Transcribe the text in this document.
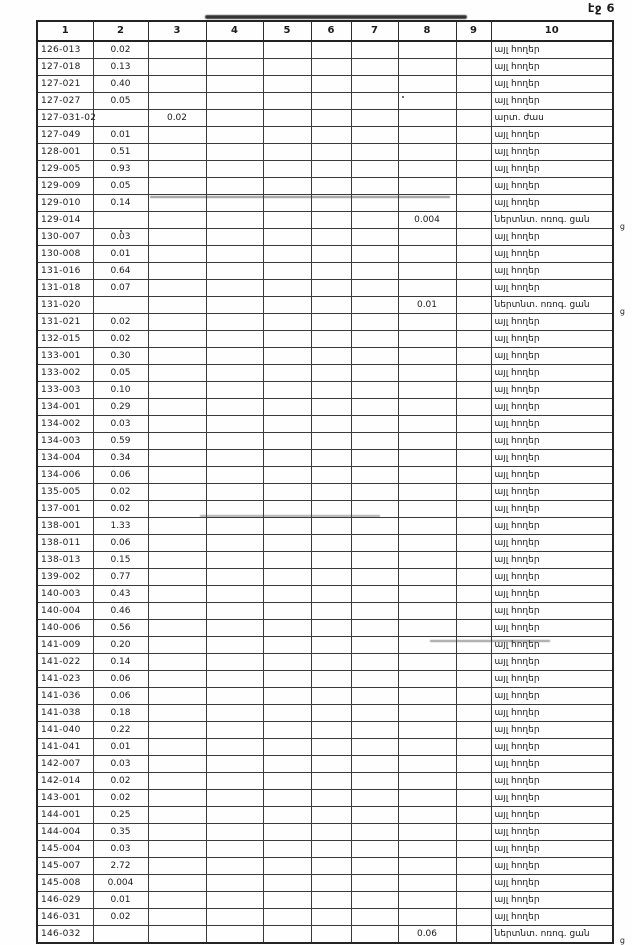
էջ 6
1	2	3	4	5	6	7	8	9	10
126-013	0.02								այլ հողեր
127-018	0.13								այլ հողեր
127-021	0.40								այլ հողեր
127-027	0.05								այլ հողեր
127-031-02		0.02							արտ. ժաս
127-049	0.01								այլ հողեր
128-001	0.51								այլ հողեր
129-005	0.93								այլ հողեր
129-009	0.05								այլ հողեր
129-010	0.14								այլ հողեր
129-014							0.004		ներտնտ. ոռոգ. ցան
ց

130-007	0.03								այլ հողեր
130-008	0.01								այլ հողեր
131-016	0.64								այլ հողեր
131-018	0.07								այլ հողեր
131-020							0.01		ներտնտ. ոռոգ. ցան
ց

131-021	0.02								այլ հողեր
132-015	0.02								այլ հողեր
133-001	0.30								այլ հողեր
133-002	0.05								այլ հողեր
133-003	0.10								այլ հողեր
134-001	0.29								այլ հողեր
134-002	0.03								այլ հողեր
134-003	0.59								այլ հողեր
134-004	0.34								այլ հողեր
134-006	0.06								այլ հողեր
135-005	0.02								այլ հողեր
137-001	0.02								այլ հողեր
138-001	1.33								այլ հողեր
138-011	0.06								այլ հողեր
138-013	0.15								այլ հողեր
139-002	0.77								այլ հողեր
140-003	0.43								այլ հողեր
140-004	0.46								այլ հողեր
140-006	0.56								այլ հողեր
141-009	0.20								այլ հողեր
141-022	0.14								այլ հողեր
141-023	0.06								այլ հողեր
141-036	0.06								այլ հողեր
141-038	0.18								այլ հողեր
141-040	0.22								այլ հողեր
141-041	0.01								այլ հողեր
142-007	0.03								այլ հողեր
142-014	0.02								այլ հողեր
143-001	0.02								այլ հողեր
144-001	0.25								այլ հողեր
144-004	0.35								այլ հողեր
145-004	0.03								այլ հողեր
145-007	2.72								այլ հողեր
145-008	0.004								այլ հողեր
146-029	0.01								այլ հողեր
146-031	0.02								այլ հողեր
146-032							0.06		ներտնտ. ոռոգ. ցան
ց
